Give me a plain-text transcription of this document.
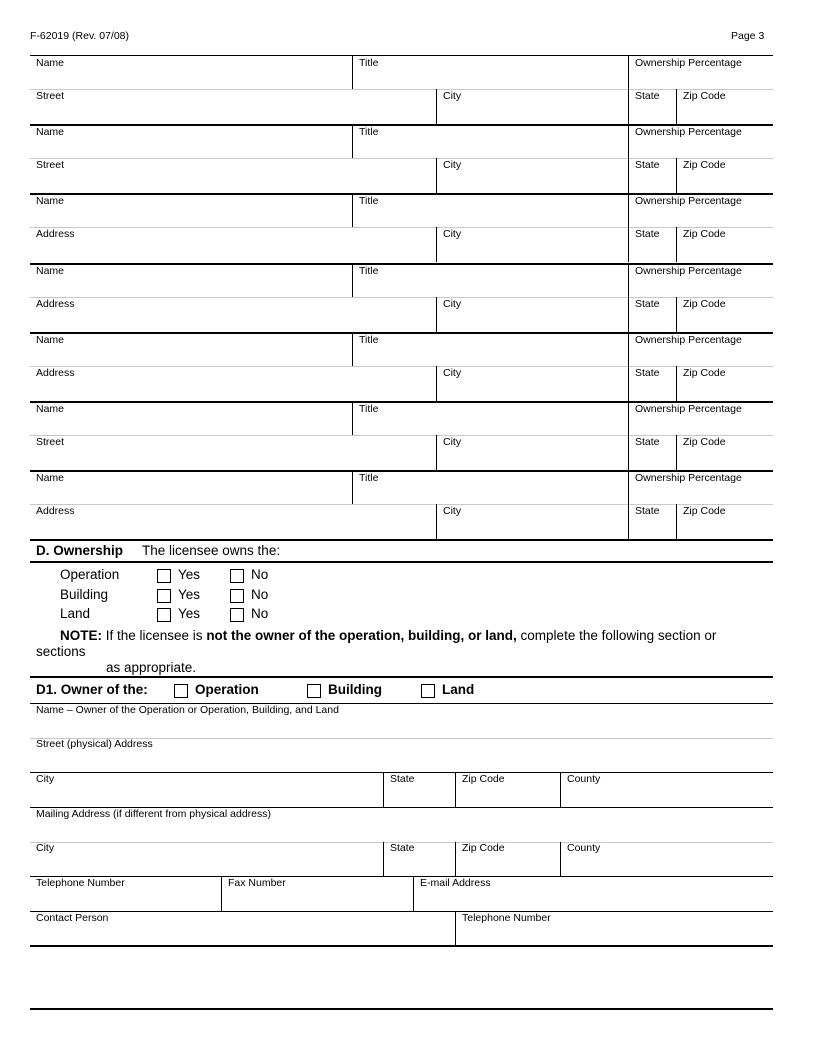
F-62019 (Rev. 07/08)	Page 3
Name	Title	Ownership Percentage
Street	City	State Zip Code
Name	Title	Ownership Percentage
Street	City	State Zip Code
Name	Title	Ownership Percentage
Address	City	State Zip Code
Name	Title	Ownership Percentage
Address	City	State Zip Code
Name	Title	Ownership Percentage
Address	City	State Zip Code
Name	Title	Ownership Percentage
Street	City	State Zip Code
Name	Title	Ownership Percentage
Address	City	State Zip Code
D. Ownership The licensee owns the:
Operation	Yes	No
Building	Yes	No
Land	Yes	No
NOTE: If the licensee is not the owner of the operation, building, or land, complete the following section or
sections
as appropriate.
D1. Owner of the:	Operation	Building	Land
Name – Owner of the Operation or Operation, Building, and Land
Street (physical) Address
City	State	Zip Code	County
Mailing Address (if different from physical address)
City	State	Zip Code	County
Telephone Number	Fax Number	E-mail Address
Contact Person	Telephone Number
